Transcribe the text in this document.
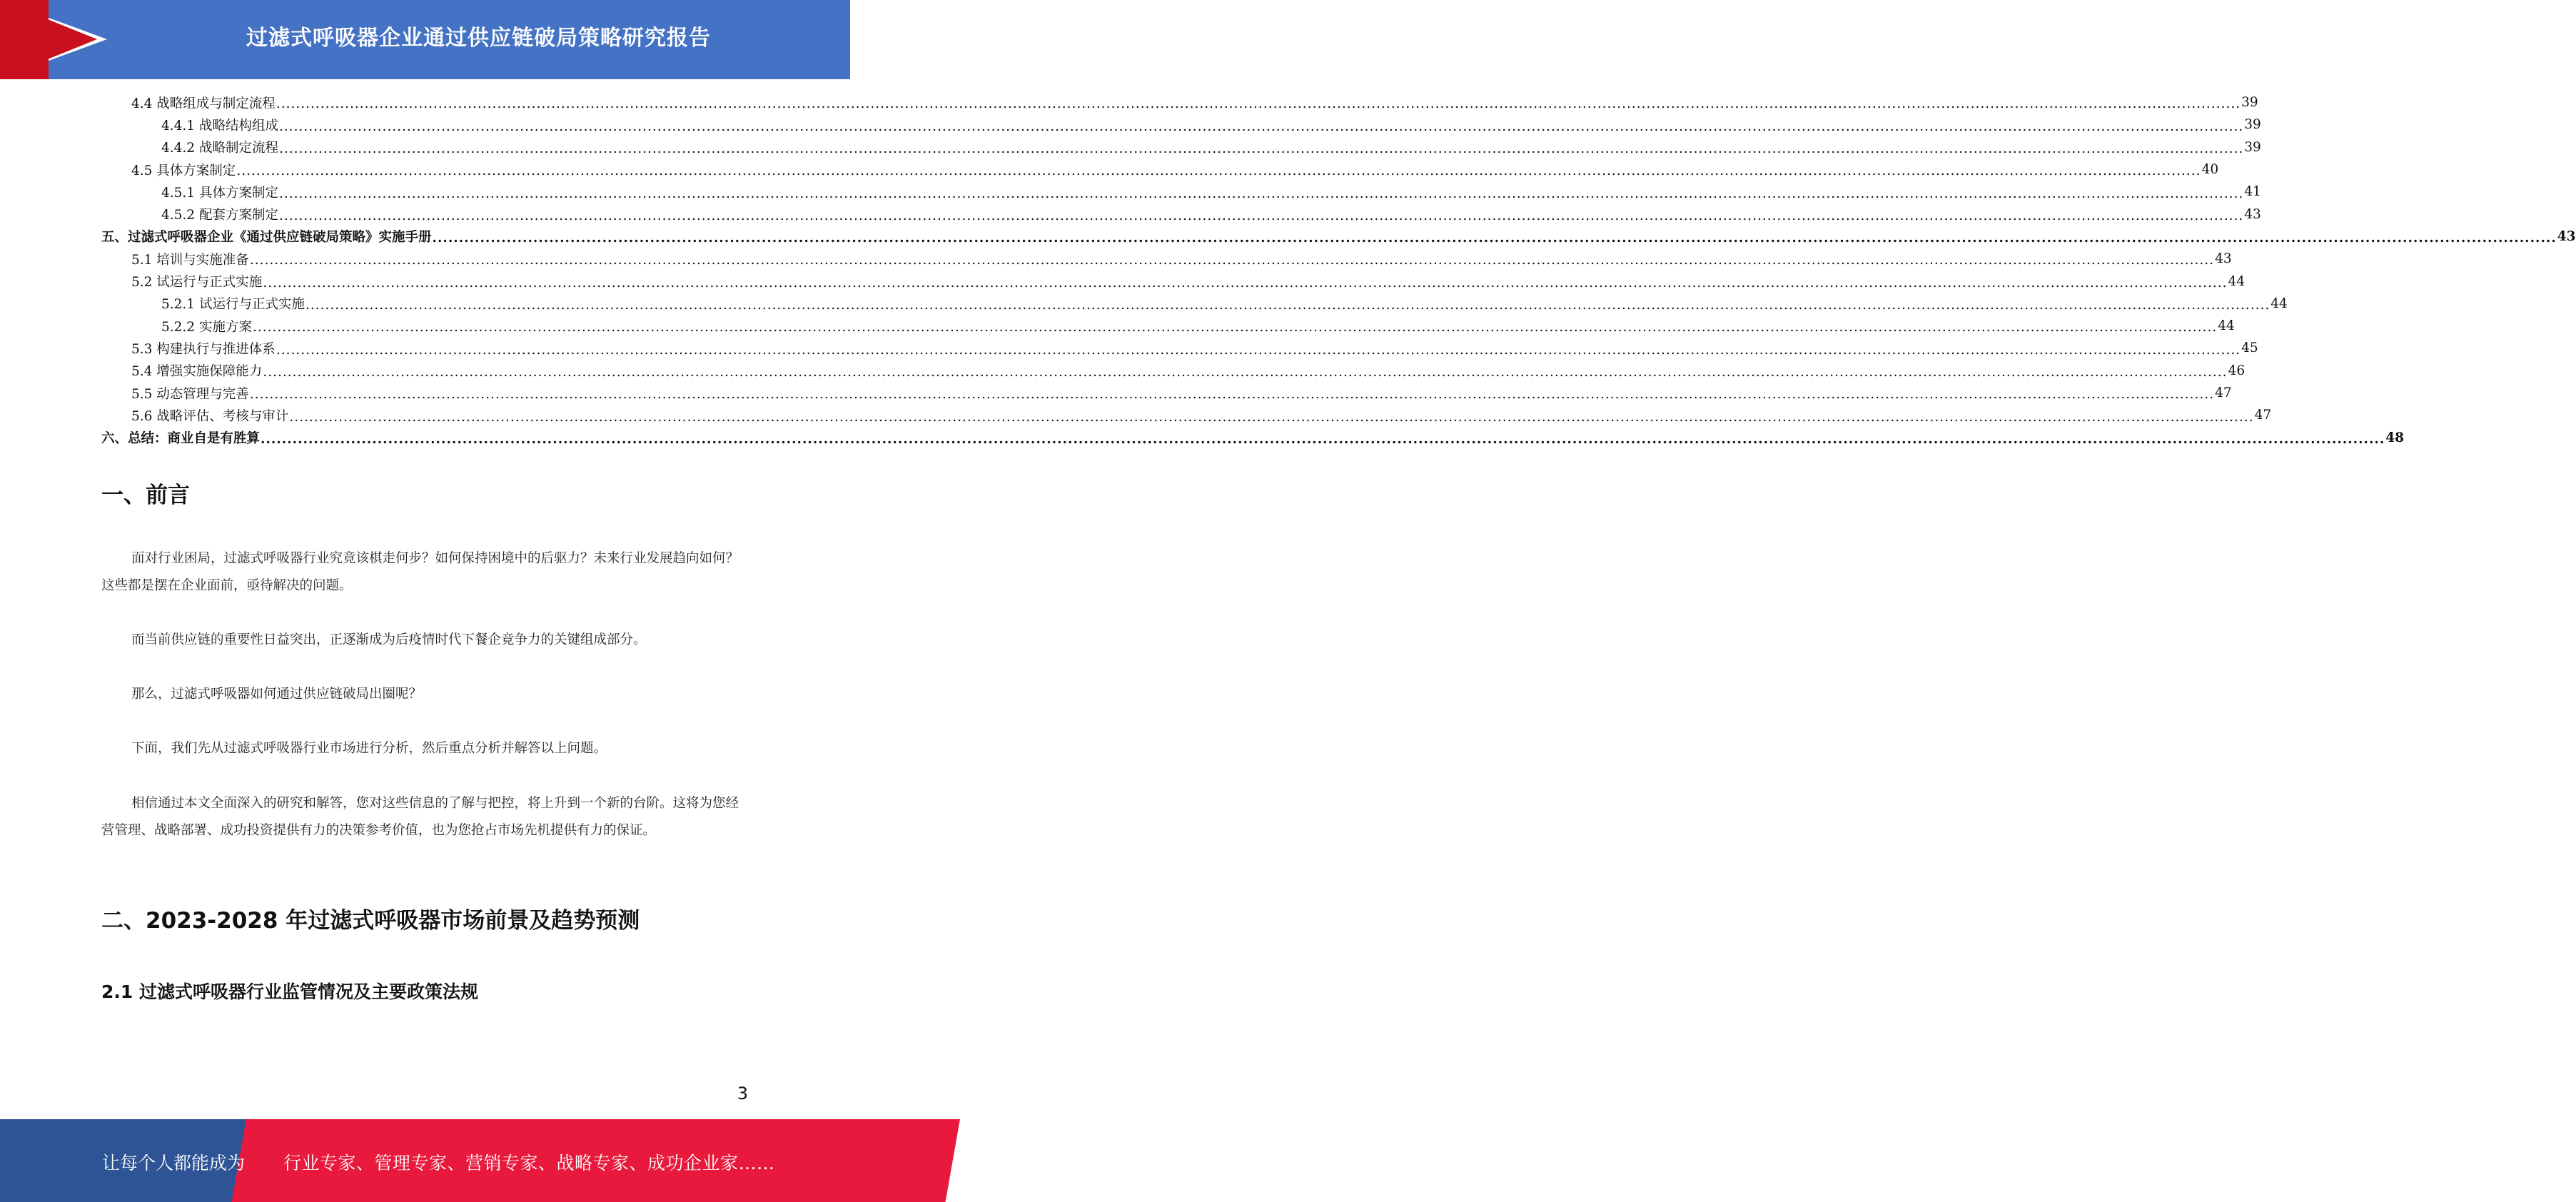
过滤式呼吸器企业通过供应链破局策略研究报告
4.4 战略组成与制定流程 ................................................................................................................................................................................................................................................................................................................................................................................................................ 39
4.4.1 战略结构组成 ................................................................................................................................................................................................................................................................................................................................................................................................................ 39
4.4.2 战略制定流程 ................................................................................................................................................................................................................................................................................................................................................................................................................ 39
4.5 具体方案制定 ................................................................................................................................................................................................................................................................................................................................................................................................................ 40
4.5.1 具体方案制定 ................................................................................................................................................................................................................................................................................................................................................................................................................ 41
4.5.2 配套方案制定 ................................................................................................................................................................................................................................................................................................................................................................................................................ 43
五、过滤式呼吸器企业《通过供应链破局策略》实施手册 ................................................................................................................................................................................................................................................................................................................................................................................................................ 43
5.1 培训与实施准备 ................................................................................................................................................................................................................................................................................................................................................................................................................ 43
5.2 试运行与正式实施 ................................................................................................................................................................................................................................................................................................................................................................................................................ 44
5.2.1 试运行与正式实施 ................................................................................................................................................................................................................................................................................................................................................................................................................ 44
5.2.2 实施方案 ................................................................................................................................................................................................................................................................................................................................................................................................................ 44
5.3 构建执行与推进体系 ................................................................................................................................................................................................................................................................................................................................................................................................................ 45
5.4 增强实施保障能力 ................................................................................................................................................................................................................................................................................................................................................................................................................ 46
5.5 动态管理与完善 ................................................................................................................................................................................................................................................................................................................................................................................................................ 47
5.6 战略评估、考核与审计 ................................................................................................................................................................................................................................................................................................................................................................................................................ 47
六、总结：商业自是有胜算 ................................................................................................................................................................................................................................................................................................................................................................................................................ 48
一、前言

面对行业困局，过滤式呼吸器行业究竟该棋走何步？如何保持困境中的后驱力？未来行业发展趋向如何？这些都是摆在企业面前，亟待解决的问题。

而当前供应链的重要性日益突出，正逐渐成为后疫情时代下餐企竞争力的关键组成部分。

那么，过滤式呼吸器如何通过供应链破局出圈呢？

下面，我们先从过滤式呼吸器行业市场进行分析，然后重点分析并解答以上问题。

相信通过本文全面深入的研究和解答，您对这些信息的了解与把控，将上升到一个新的台阶。这将为您经营管理、战略部署、成功投资提供有力的决策参考价值，也为您抢占市场先机提供有力的保证。

二、2023-2028 年过滤式呼吸器市场前景及趋势预测
2.1 过滤式呼吸器行业监管情况及主要政策法规
3
让每个人都能成为 行业专家、管理专家、营销专家、战略专家、成功企业家……
